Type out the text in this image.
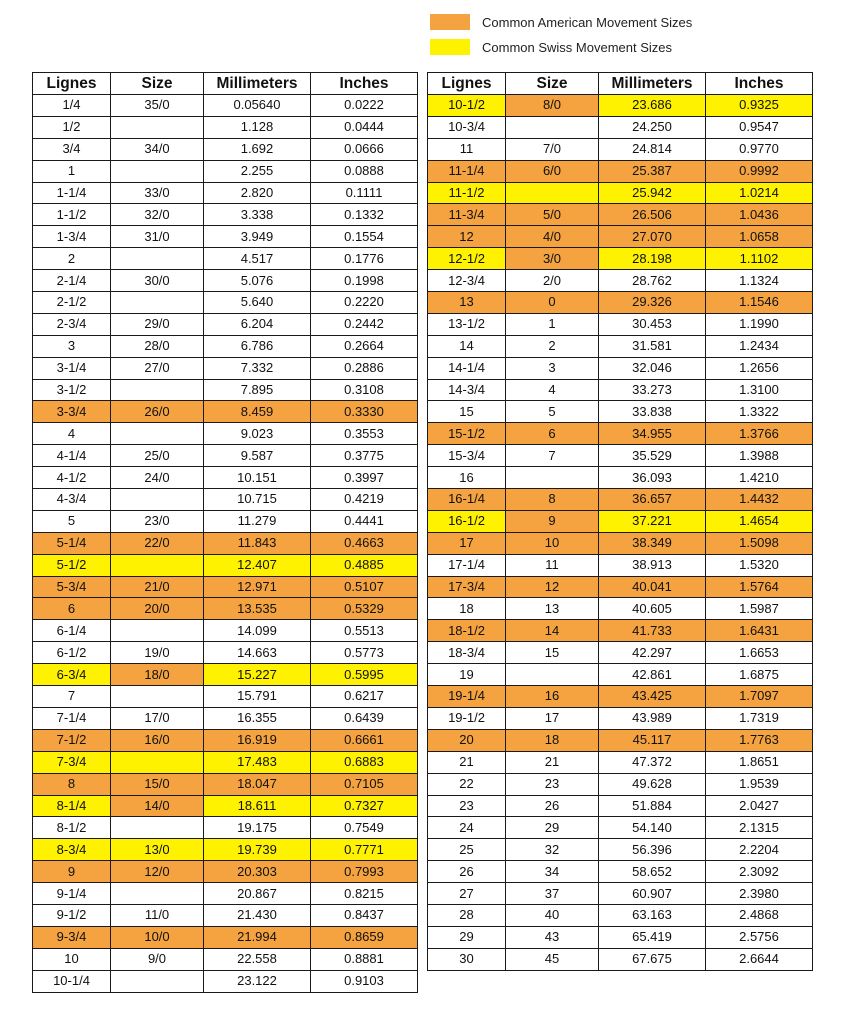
Common American Movement Sizes
Common Swiss Movement Sizes
Lignes	Size	Millimeters	Inches
1/4	35/0	0.05640	0.0222
1/2		1.128	0.0444
3/4	34/0	1.692	0.0666
1		2.255	0.0888
1-1/4	33/0	2.820	0.1111
1-1/2	32/0	3.338	0.1332
1-3/4	31/0	3.949	0.1554
2		4.517	0.1776
2-1/4	30/0	5.076	0.1998
2-1/2		5.640	0.2220
2-3/4	29/0	6.204	0.2442
3	28/0	6.786	0.2664
3-1/4	27/0	7.332	0.2886
3-1/2		7.895	0.3108
3-3/4	26/0	8.459	0.3330
4		9.023	0.3553
4-1/4	25/0	9.587	0.3775
4-1/2	24/0	10.151	0.3997
4-3/4		10.715	0.4219
5	23/0	11.279	0.4441
5-1/4	22/0	11.843	0.4663
5-1/2		12.407	0.4885
5-3/4	21/0	12.971	0.5107
6	20/0	13.535	0.5329
6-1/4		14.099	0.5513
6-1/2	19/0	14.663	0.5773
6-3/4	18/0	15.227	0.5995
7		15.791	0.6217
7-1/4	17/0	16.355	0.6439
7-1/2	16/0	16.919	0.6661
7-3/4		17.483	0.6883
8	15/0	18.047	0.7105
8-1/4	14/0	18.611	0.7327
8-1/2		19.175	0.7549
8-3/4	13/0	19.739	0.7771
9	12/0	20.303	0.7993
9-1/4		20.867	0.8215
9-1/2	11/0	21.430	0.8437
9-3/4	10/0	21.994	0.8659
10	9/0	22.558	0.8881
10-1/4		23.122	0.9103
Lignes	Size	Millimeters	Inches
10-1/2	8/0	23.686	0.9325
10-3/4		24.250	0.9547
11	7/0	24.814	0.9770
11-1/4	6/0	25.387	0.9992
11-1/2		25.942	1.0214
11-3/4	5/0	26.506	1.0436
12	4/0	27.070	1.0658
12-1/2	3/0	28.198	1.1102
12-3/4	2/0	28.762	1.1324
13	0	29.326	1.1546
13-1/2	1	30.453	1.1990
14	2	31.581	1.2434
14-1/4	3	32.046	1.2656
14-3/4	4	33.273	1.3100
15	5	33.838	1.3322
15-1/2	6	34.955	1.3766
15-3/4	7	35.529	1.3988
16		36.093	1.4210
16-1/4	8	36.657	1.4432
16-1/2	9	37.221	1.4654
17	10	38.349	1.5098
17-1/4	11	38.913	1.5320
17-3/4	12	40.041	1.5764
18	13	40.605	1.5987
18-1/2	14	41.733	1.6431
18-3/4	15	42.297	1.6653
19		42.861	1.6875
19-1/4	16	43.425	1.7097
19-1/2	17	43.989	1.7319
20	18	45.117	1.7763
21	21	47.372	1.8651
22	23	49.628	1.9539
23	26	51.884	2.0427
24	29	54.140	2.1315
25	32	56.396	2.2204
26	34	58.652	2.3092
27	37	60.907	2.3980
28	40	63.163	2.4868
29	43	65.419	2.5756
30	45	67.675	2.6644
